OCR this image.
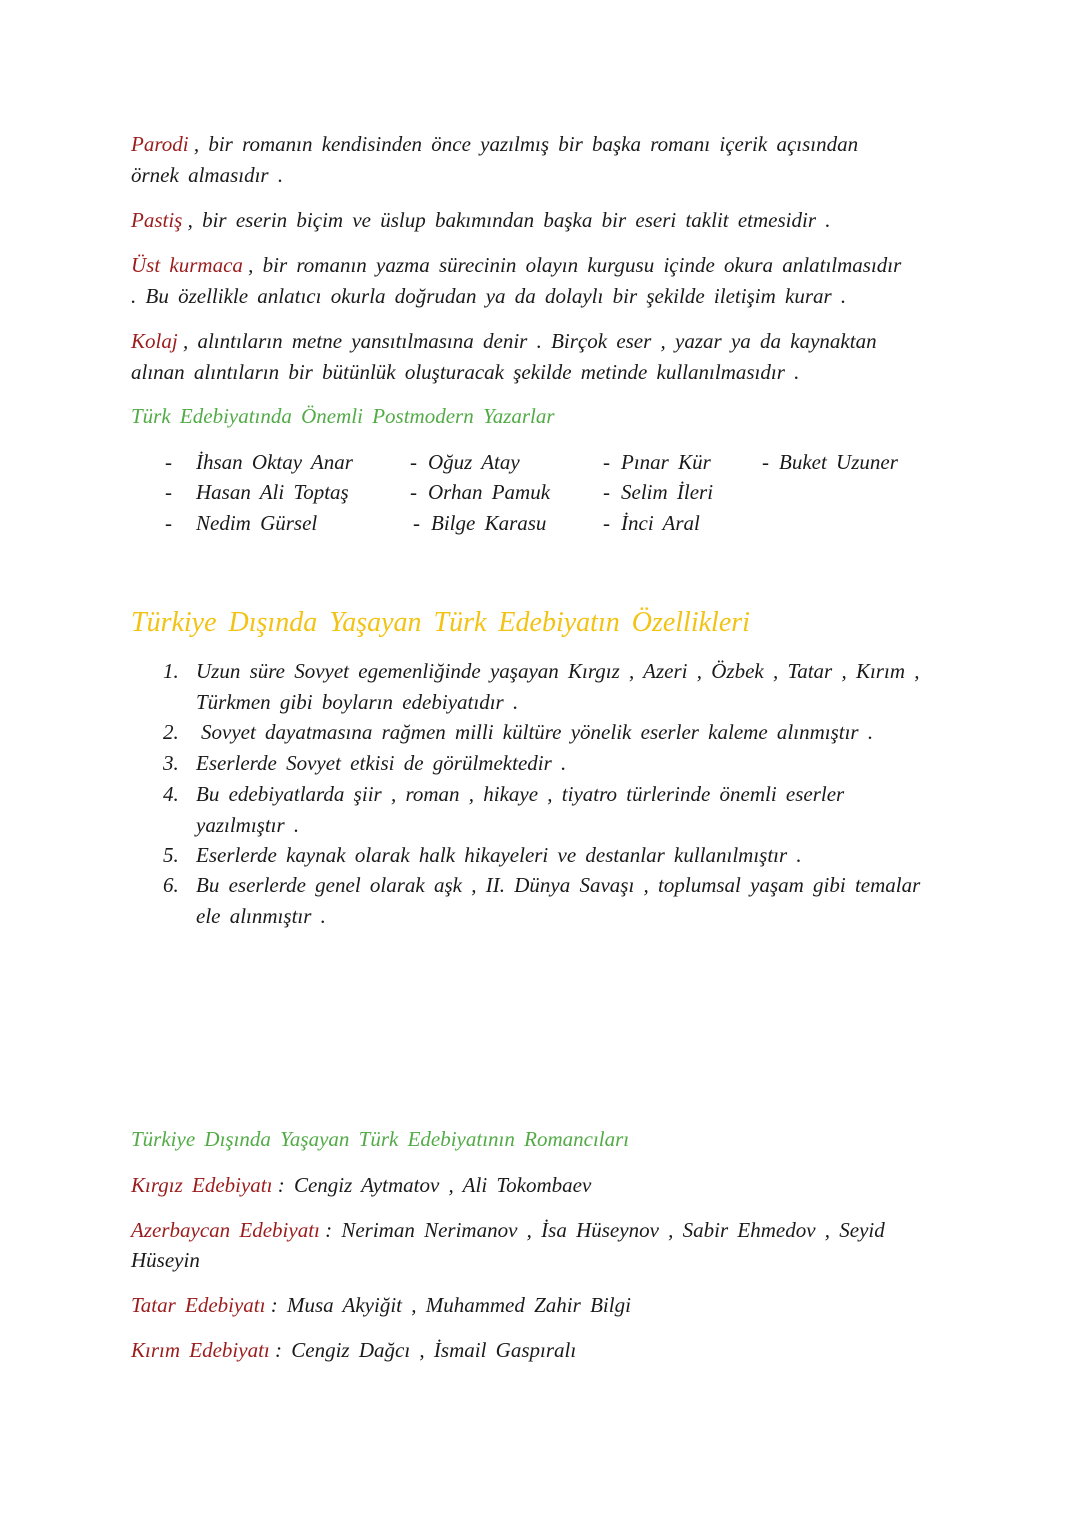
Parodi , bir romanın kendisinden önce yazılmış bir başka romanı içerik açısından
örnek almasıdır .
Pastiş , bir eserin biçim ve üslup bakımından başka bir eseri taklit etmesidir .
Üst kurmaca , bir romanın yazma sürecinin olayın kurgusu içinde okura anlatılmasıdır
. Bu özellikle anlatıcı okurla doğrudan ya da dolaylı bir şekilde iletişim kurar .
Kolaj , alıntıların metne yansıtılmasına denir . Birçok eser , yazar ya da kaynaktan
alınan alıntıların bir bütünlük oluşturacak şekilde metinde kullanılmasıdır .
Türk Edebiyatında Önemli Postmodern Yazarlar
- İhsan Oktay Anar	- Oğuz Atay	- Pınar Kür - Buket Uzuner
- Hasan Ali Toptaş	- Orhan Pamuk	- Selim İleri
- Nedim Gürsel	- Bilge Karasu	- İnci Aral
Türkiye Dışında Yaşayan Türk Edebiyatın Özellikleri
1. Uzun süre Sovyet egemenliğinde yaşayan Kırgız , Azeri , Özbek , Tatar , Kırım ,
Türkmen gibi boyların edebiyatıdır .
2. Sovyet dayatmasına rağmen milli kültüre yönelik eserler kaleme alınmıştır .
3. Eserlerde Sovyet etkisi de görülmektedir .
4. Bu edebiyatlarda şiir , roman , hikaye , tiyatro türlerinde önemli eserler
yazılmıştır .
5. Eserlerde kaynak olarak halk hikayeleri ve destanlar kullanılmıştır .
6. Bu eserlerde genel olarak aşk , II. Dünya Savaşı , toplumsal yaşam gibi temalar
ele alınmıştır .
Türkiye Dışında Yaşayan Türk Edebiyatının Romancıları
Kırgız Edebiyatı : Cengiz Aytmatov , Ali Tokombaev
Azerbaycan Edebiyatı : Neriman Nerimanov , İsa Hüseynov , Sabir Ehmedov , Seyid
Hüseyin
Tatar Edebiyatı : Musa Akyiğit , Muhammed Zahir Bilgi
Kırım Edebiyatı : Cengiz Dağcı , İsmail Gaspıralı
